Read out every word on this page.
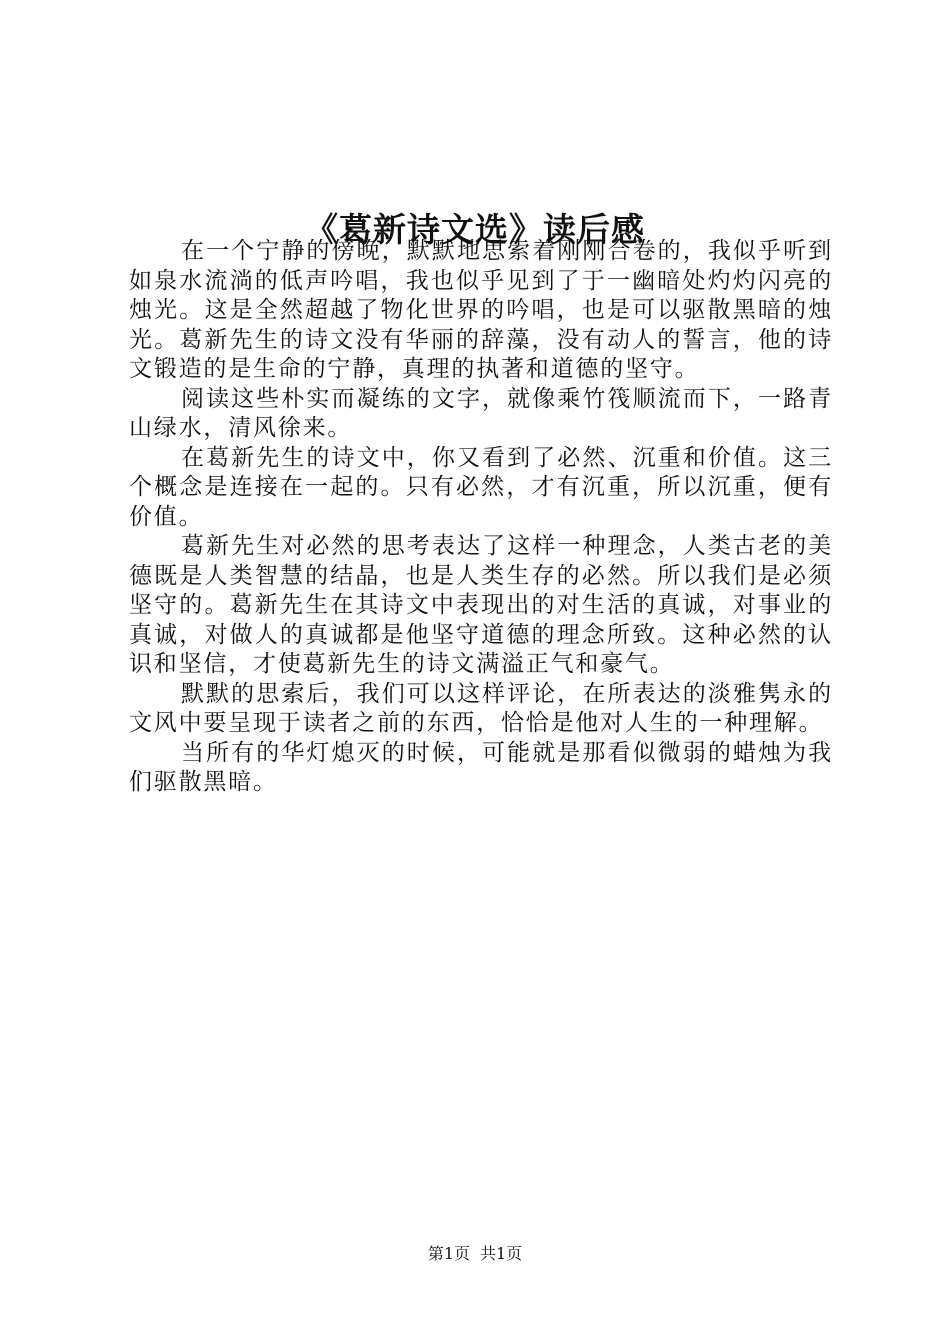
《葛新诗文选》读后感

在一个宁静的傍晚，默默地思索着刚刚合卷的，我似乎听到如泉水流淌的低声吟唱，我也似乎见到了于一幽暗处灼灼闪亮的烛光。这是全然超越了物化世界的吟唱，也是可以驱散黑暗的烛光。葛新先生的诗文没有华丽的辞藻，没有动人的誓言，他的诗文锻造的是生命的宁静，真理的执著和道德的坚守。

阅读这些朴实而凝练的文字，就像乘竹筏顺流而下，一路青山绿水，清风徐来。

在葛新先生的诗文中，你又看到了必然、沉重和价值。这三个概念是连接在一起的。只有必然，才有沉重，所以沉重，便有价值。

葛新先生对必然的思考表达了这样一种理念，人类古老的美德既是人类智慧的结晶，也是人类生存的必然。所以我们是必须坚守的。葛新先生在其诗文中表现出的对生活的真诚，对事业的真诚，对做人的真诚都是他坚守道德的理念所致。这种必然的认识和坚信，才使葛新先生的诗文满溢正气和豪气。

默默的思索后，我们可以这样评论，在所表达的淡雅隽永的文风中要呈现于读者之前的东西，恰恰是他对人生的一种理解。

当所有的华灯熄灭的时候，可能就是那看似微弱的蜡烛为我们驱散黑暗。

第1页 共1页
